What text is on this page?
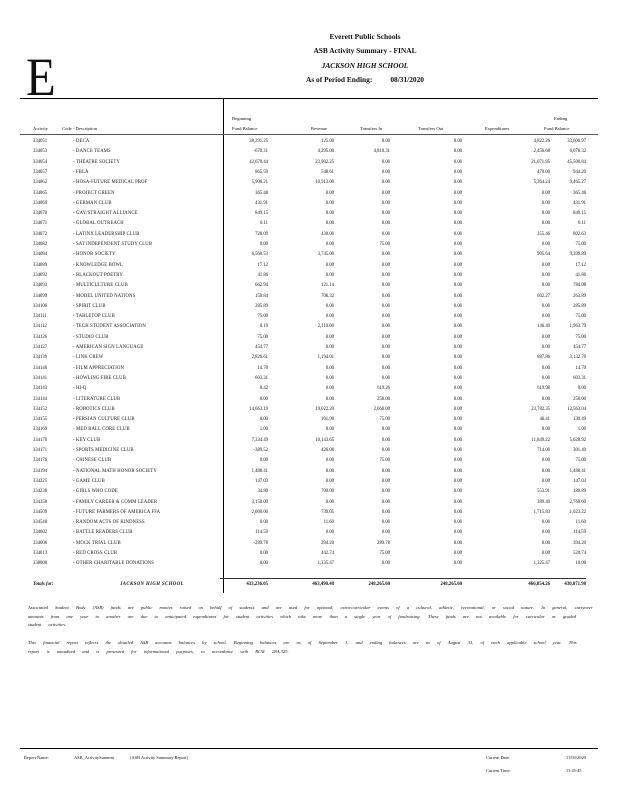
E
Everett Public Schools
ASB Activity Summary - FINAL
JACKSON HIGH SCHOOL
As of Period Ending: 08/31/2020
Activity	Code - Description
Beginning
Fund Balance	Revenue	Transfers In	Transfers Out	Expenditures
Ending
Fund Balance
334051	- DECA	38,291.25	125.00	0.00	0.00	4,822.26	33,600.97
334053	- DANCE TEAMS	-670.31	4,295.00	4,810.31	0.00	2,456.68	6,078.32
334054	- THEATRE SOCIETY	42,670.44	23,902.25	0.00	0.00	21,071.85	45,500.84
334057	- FBLA	865.59	548.61	0.00	0.00	470.00	944.20
334062	- HOSA-FUTURE MEDICAL PROF	5,906.21	10,913.00	0.00	0.00	5,364.24	9,465.27
334065	- PROJECT GREEN	365.48	0.00	0.00	0.00	0.00	365.48
334069	- GERMAN CLUB	431.91	0.00	0.00	0.00	0.00	431.91
334070	- GAY/STRAIGHT ALLIANCE	849.15	0.00	0.00	0.00	0.00	849.15
334071	- GLOBAL OUTREACH	0.11	0.00	0.00	0.00	0.00	0.11
334072	- LATINX LEADERSHIP CLUB	728.09	430.00	0.00	0.00	355.46	802.63
334082	- SAT INDEPENDENT STUDY CLUB	0.00	0.00	75.00	0.00	0.00	75.00
334084	- HONOR SOCIETY	6,560.53	3,745.00	0.00	0.00	905.64	9,399.89
334089	- KNOWLEDGE BOWL	17.12	0.00	0.00	0.00	0.00	17.12
334092	- BLACKOUT POETRY	41.86	0.00	0.00	0.00	0.00	41.86
334093	- MULTICULTURE CLUB	662.94	121.14	0.00	0.00	0.00	784.08
334099	- MODEL UNITED NATIONS	159.84	706.32	0.00	0.00	602.27	263.89
334106	- SPIRIT CLUB	285.89	0.00	0.00	0.00	0.00	285.89
334111	- TABLETOP CLUB	75.00	0.00	0.00	0.00	0.00	75.00
334112	- TECH STUDENT ASSOCIATION	0.19	2,110.00	0.00	0.00	146.40	1,963.79
334126	- STUDIO CLUB	75.00	0.00	0.00	0.00	0.00	75.00
334127	- AMERICAN SIGN LANGUAGE	454.77	0.00	0.00	0.00	0.00	454.77
334139	- LINK CREW	2,826.61	1,194.01	0.00	0.00	887.86	3,132.76
334140	- FILM APPRECIATION	14.70	0.00	0.00	0.00	0.00	14.70
334141	- HOWLING FIRE CLUB	603.31	0.00	0.00	0.00	0.00	603.31
334143	- HI-Q	0.42	0.00	619.26	0.00	619.98	0.00
334144	- LITERATURE CLUB	0.00	0.00	250.00	0.00	0.00	250.00
334152	- ROBOTICS CLUB	14,663.19	19,022.20	2,660.00	0.00	23,782.35	12,563.04
334155	- PERSIAN CULTURE CLUB	0.00	101.90	75.00	0.00	46.41	130.49
334169	- MED BALL CORE CLUB	1.00	0.00	0.00	0.00	0.00	1.00
334170	- KEY CLUB	7,334.49	10,143.65	0.00	0.00	11,849.22	5,628.92
334171	- SPORTS MEDICINE CLUB	-389.52	426.08	0.00	0.00	714.00	301.40
334176	- CHINESE CLUB	0.00	0.00	75.00	0.00	0.00	75.00
334194	- NATIONAL MATH HONOR SOCIETY	1,488.41	0.00	0.00	0.00	0.00	1,488.41
334225	- GAME CLUB	147.03	0.00	0.00	0.00	0.00	147.03
334238	- GIRLS WHO CODE	34.80	700.00	0.00	0.00	553.91	180.89
334350	- FAMILY CAREER & COMM LEADER	3,150.00	0.00	0.00	0.00	389.40	2,760.60
334509	- FUTURE FARMERS OF AMERICA FFA	2,000.00	739.05	0.00	0.00	1,715.83	1,023.22
334540	- RANDOM ACTS OF KINDNESS	0.00	11.60	0.00	0.00	0.00	11.60
334602	- BATTLE READERS CLUB	114.59	0.00	0.00	0.00	0.00	114.59
334606	- MOCK TRIAL CLUB	-289.78	394.20	289.78	0.00	0.00	394.20
334613	- RED CROSS CLUB	0.00	442.74	75.00	0.00	0.00	520.74
338000	- OTHER CHARITABLE DONATIONS	0.00	1,335.47	0.00	0.00	1,325.47	10.00
Totals for:	JACKSON HIGH SCHOOL	433,236.05	463,490.48	248,265.60	248,265.60	466,854.26	430,071.98
Associated Student Body (ASB) funds are public monies raised on behalf of students and are used for optional, extra-curricular events of a cultural, athletic, recreational, or social nature. In general, carryover amounts from one year to another are due to anticipated expenditures for student activities which take more than a single year of fundraising. These funds are not available for curricular or graded student activities.
This financial report reflects the detailed ASB accounts balances by school. Beginning balances are as of September 1, and ending balances are as of August 31, of each applicable school year. This report is unaudited and is presented for informational purposes, in accordance with RCW 28A.325.
Report Name:	ASB_ActivitySummm	(ASB Activity Summary Report)	Current Date:	11/03/2020
Current Time:	11:45:45
